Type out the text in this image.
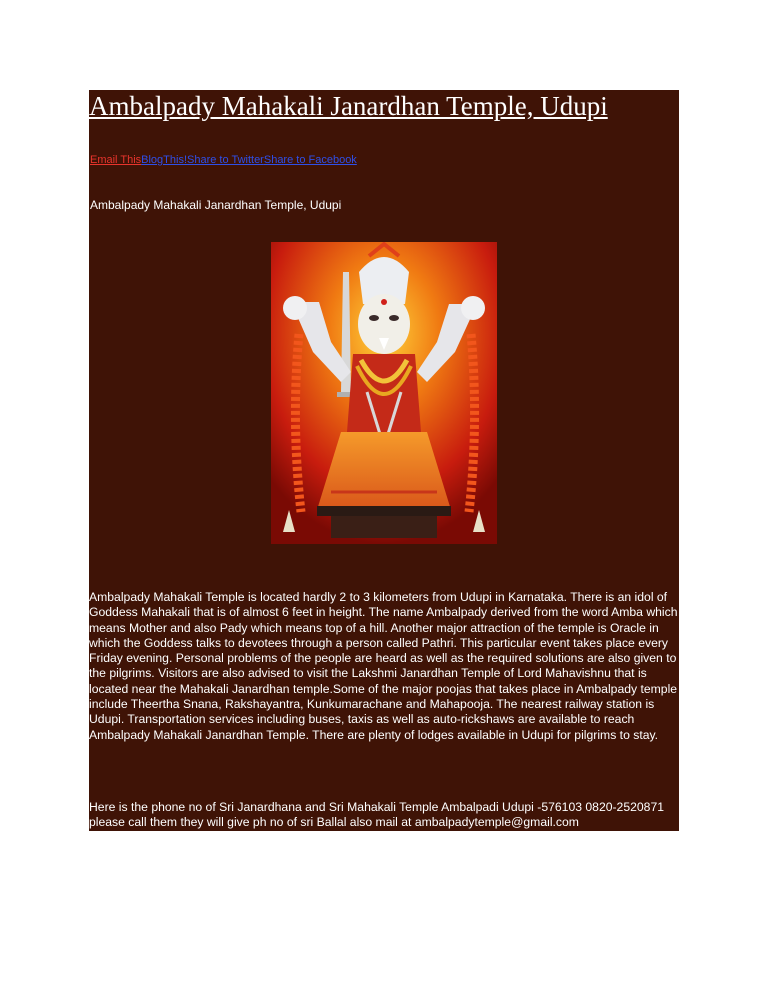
Ambalpady Mahakali Janardhan Temple, Udupi
Email ThisBlogThis!Share to TwitterShare to Facebook
Ambalpady Mahakali Janardhan Temple, Udupi

Ambalpady Mahakali Temple is located hardly 2 to 3 kilometers from Udupi in Karnataka. There is an idol of Goddess Mahakali that is of almost 6 feet in height. The name Ambalpady derived from the word Amba which means Mother and also Pady which means top of a hill. Another major attraction of the temple is Oracle in which the Goddess talks to devotees through a person called Pathri. This particular event takes place every Friday evening. Personal problems of the people are heard as well as the required solutions are also given to the pilgrims. Visitors are also advised to visit the Lakshmi Janardhan Temple of Lord Mahavishnu that is located near the Mahakali Janardhan temple.Some of the major poojas that takes place in Ambalpady temple include Theertha Snana, Rakshayantra, Kunkumarachane and Mahapooja. The nearest railway station is Udupi. Transportation services including buses, taxis as well as auto-rickshaws are available to reach Ambalpady Mahakali Janardhan Temple. There are plenty of lodges available in Udupi for pilgrims to stay.

Here is the phone no of Sri Janardhana and Sri Mahakali Temple Ambalpadi Udupi -576103 0820-2520871 please call them they will give ph no of sri Ballal also mail at ambalpadytemple@gmail.com
